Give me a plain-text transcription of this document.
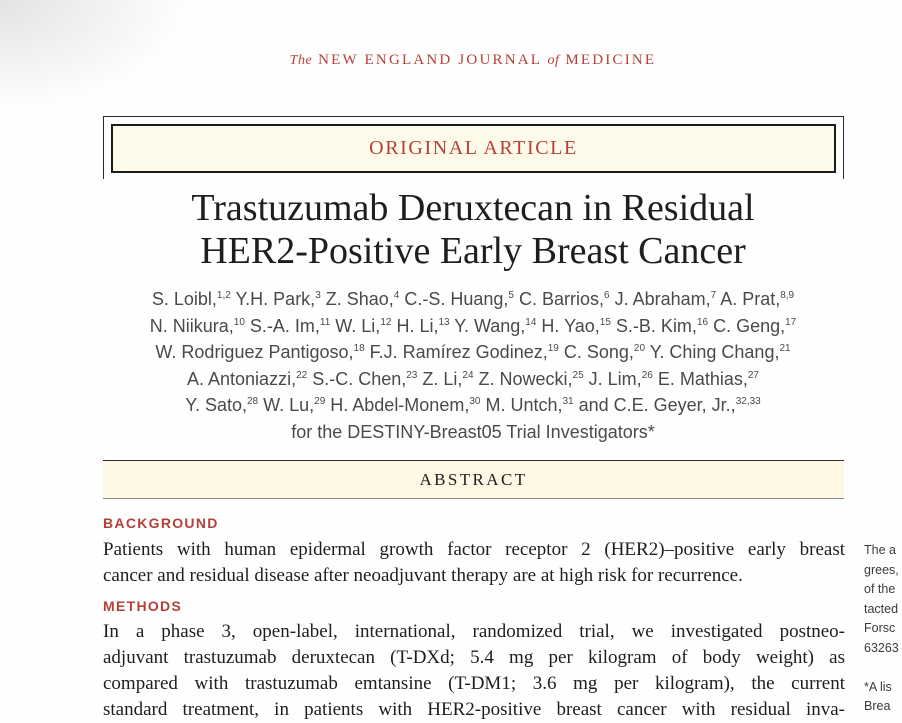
The NEW ENGLAND JOURNAL of MEDICINE
ORIGINAL ARTICLE
Trastuzumab Deruxtecan in Residual
HER2-Positive Early Breast Cancer
S. Loibl,$^{1,2}$ Y.H. Park,$^3$ Z. Shao,$^4$ C.-S. Huang,$^5$ C. Barrios,$^6$ J. Abraham,$^7$ A. Prat,$^{8,9}$
N. Niikura,$^{10}$ S.-A. Im,$^{11}$ W. Li,$^{12}$ H. Li,$^{13}$ Y. Wang,$^{14}$ H. Yao,$^{15}$ S.-B. Kim,$^{16}$ C. Geng,$^{17}$
W. Rodriguez Pantigoso,$^{18}$ F.J. Ramírez Godinez,$^{19}$ C. Song,$^{20}$ Y. Ching Chang,$^{21}$
A. Antoniazzi,$^{22}$ S.-C. Chen,$^{23}$ Z. Li,$^{24}$ Z. Nowecki,$^{25}$ J. Lim,$^{26}$ E. Mathias,$^{27}$
Y. Sato,$^{28}$ W. Lu,$^{29}$ H. Abdel-Monem,$^{30}$ M. Untch,$^{31}$ and C.E. Geyer, Jr.,$^{32,33}$
for the DESTINY-Breast05 Trial Investigators*
ABSTRACT
BACKGROUND
Patients with human epidermal growth factor receptor 2 (HER2)–positive early breast
cancer and residual disease after neoadjuvant therapy are at high risk for recurrence.
METHODS
In a phase 3, open-label, international, randomized trial, we investigated postneo-
adjuvant trastuzumab deruxtecan (T-DXd; 5.4 mg per kilogram of body weight) as
compared with trastuzumab emtansine (T-DM1; 3.6 mg per kilogram), the current
standard treatment, in patients with HER2-positive breast cancer with residual inva-
The a
grees,
of the
tacted
Forsc
63263

*A lis
Brea
